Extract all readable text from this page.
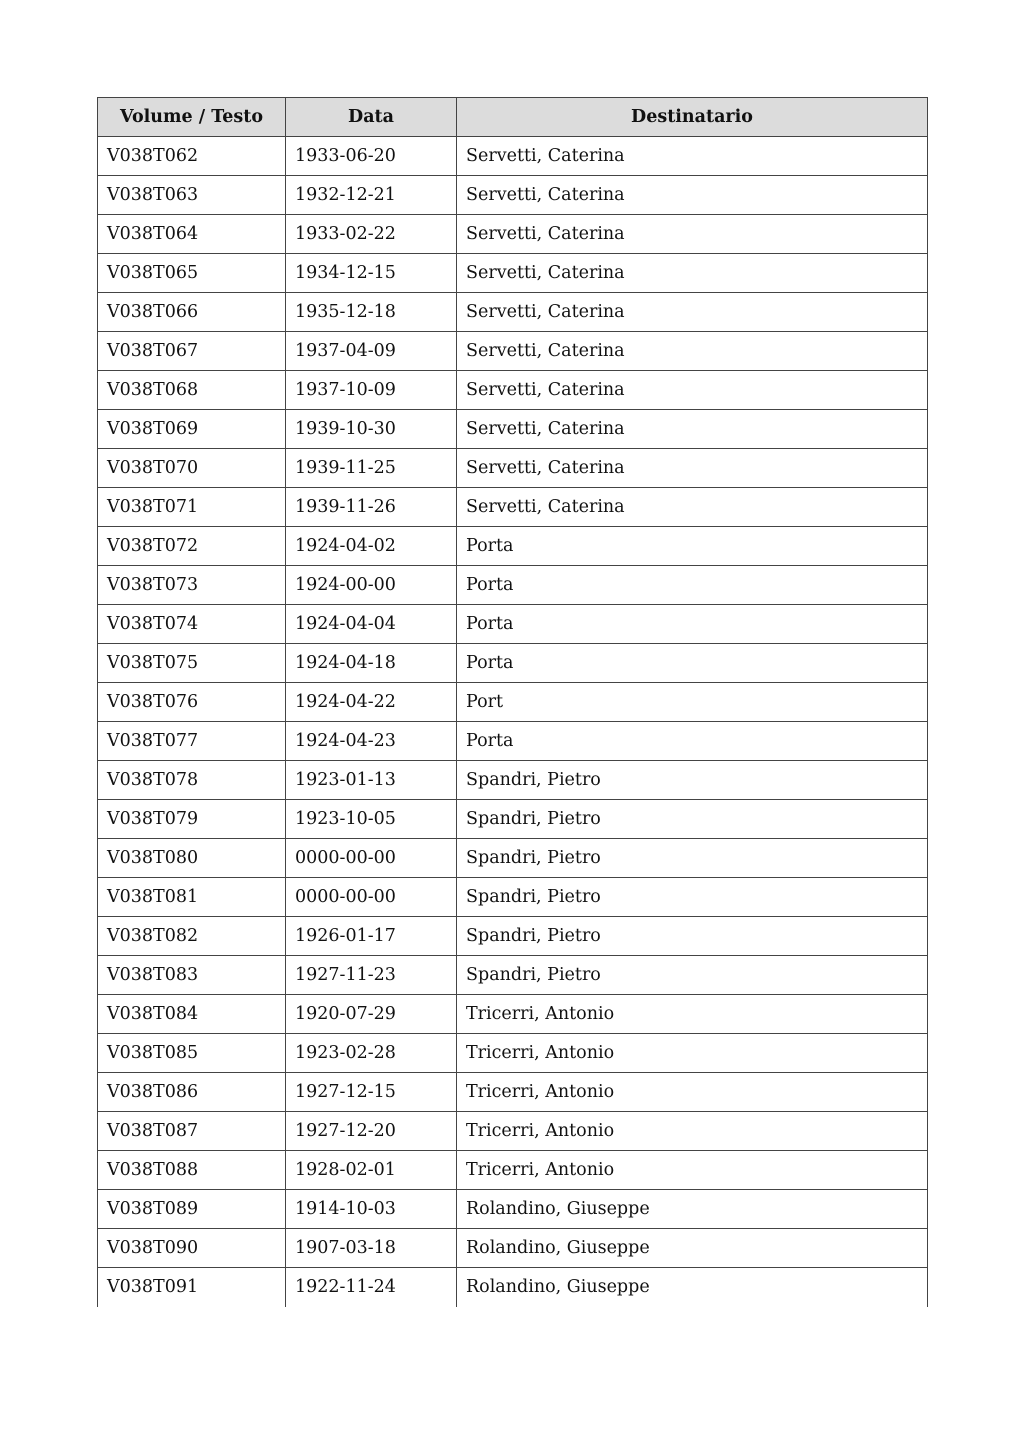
Volume / Testo	Data	Destinatario
V038T062	1933-06-20	Servetti, Caterina
V038T063	1932-12-21	Servetti, Caterina
V038T064	1933-02-22	Servetti, Caterina
V038T065	1934-12-15	Servetti, Caterina
V038T066	1935-12-18	Servetti, Caterina
V038T067	1937-04-09	Servetti, Caterina
V038T068	1937-10-09	Servetti, Caterina
V038T069	1939-10-30	Servetti, Caterina
V038T070	1939-11-25	Servetti, Caterina
V038T071	1939-11-26	Servetti, Caterina
V038T072	1924-04-02	Porta
V038T073	1924-00-00	Porta
V038T074	1924-04-04	Porta
V038T075	1924-04-18	Porta
V038T076	1924-04-22	Port
V038T077	1924-04-23	Porta
V038T078	1923-01-13	Spandri, Pietro
V038T079	1923-10-05	Spandri, Pietro
V038T080	0000-00-00	Spandri, Pietro
V038T081	0000-00-00	Spandri, Pietro
V038T082	1926-01-17	Spandri, Pietro
V038T083	1927-11-23	Spandri, Pietro
V038T084	1920-07-29	Tricerri, Antonio
V038T085	1923-02-28	Tricerri, Antonio
V038T086	1927-12-15	Tricerri, Antonio
V038T087	1927-12-20	Tricerri, Antonio
V038T088	1928-02-01	Tricerri, Antonio
V038T089	1914-10-03	Rolandino, Giuseppe
V038T090	1907-03-18	Rolandino, Giuseppe
V038T091	1922-11-24	Rolandino, Giuseppe
